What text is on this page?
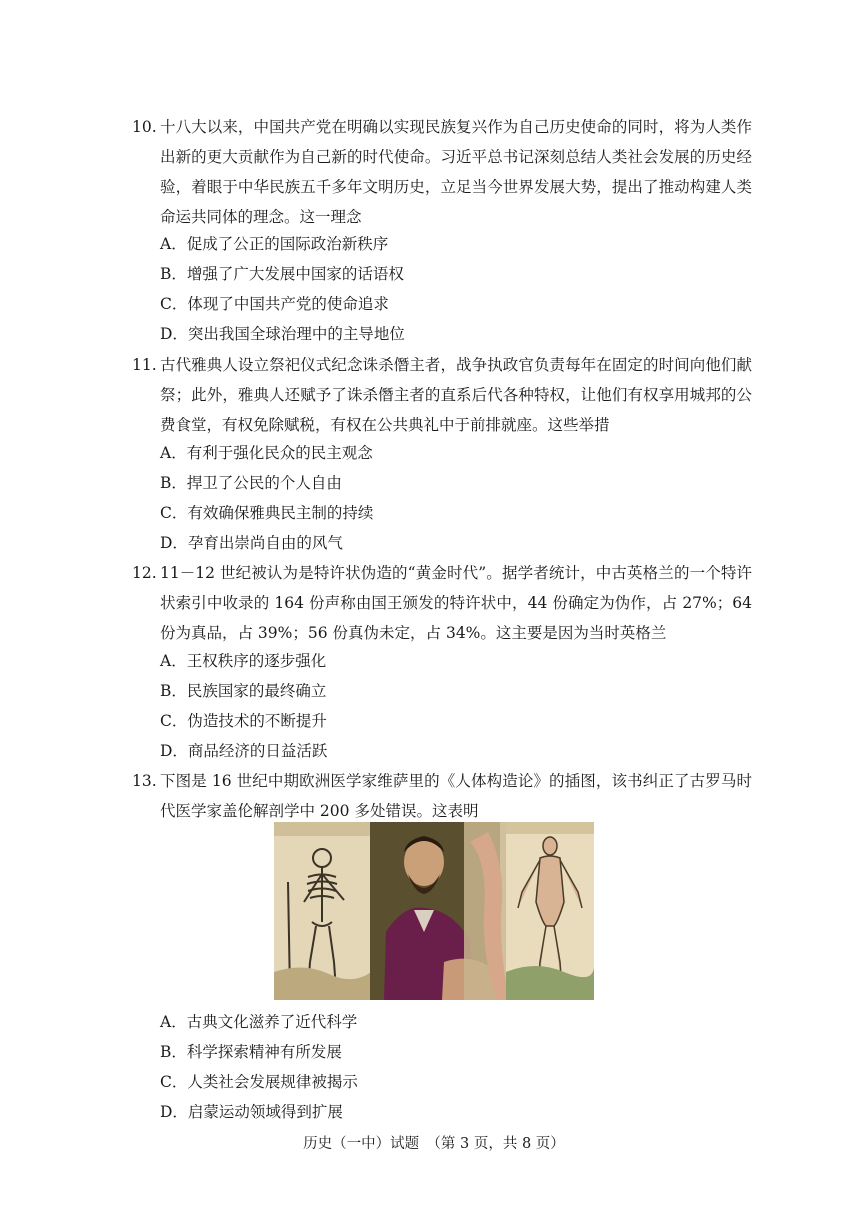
10. 十八大以来，中国共产党在明确以实现民族复兴作为自己历史使命的同时，将为人类作出新的更大贡献作为自己新的时代使命。习近平总书记深刻总结人类社会发展的历史经验，着眼于中华民族五千多年文明历史，立足当今世界发展大势，提出了推动构建人类命运共同体的理念。这一理念
A．促成了公正的国际政治新秩序
B．增强了广大发展中国家的话语权
C．体现了中国共产党的使命追求
D．突出我国全球治理中的主导地位
11. 古代雅典人设立祭祀仪式纪念诛杀僭主者，战争执政官负责每年在固定的时间向他们献祭；此外，雅典人还赋予了诛杀僭主者的直系后代各种特权，让他们有权享用城邦的公费食堂，有权免除赋税，有权在公共典礼中于前排就座。这些举措
A．有利于强化民众的民主观念
B．捍卫了公民的个人自由
C．有效确保雅典民主制的持续
D．孕育出崇尚自由的风气
12. 11－12 世纪被认为是特许状伪造的“黄金时代”。据学者统计，中古英格兰的一个特许状索引中收录的 164 份声称由国王颁发的特许状中，44 份确定为伪作，占 27%；64 份为真品，占 39%；56 份真伪未定，占 34%。这主要是因为当时英格兰
A．王权秩序的逐步强化
B．民族国家的最终确立
C．伪造技术的不断提升
D．商品经济的日益活跃
13. 下图是 16 世纪中期欧洲医学家维萨里的《人体构造论》的插图，该书纠正了古罗马时代医学家盖伦解剖学中 200 多处错误。这表明
A．古典文化滋养了近代科学
B．科学探索精神有所发展
C．人类社会发展规律被揭示
D．启蒙运动领域得到扩展
历史（一中）试题　（第 3 页，共 8 页）
